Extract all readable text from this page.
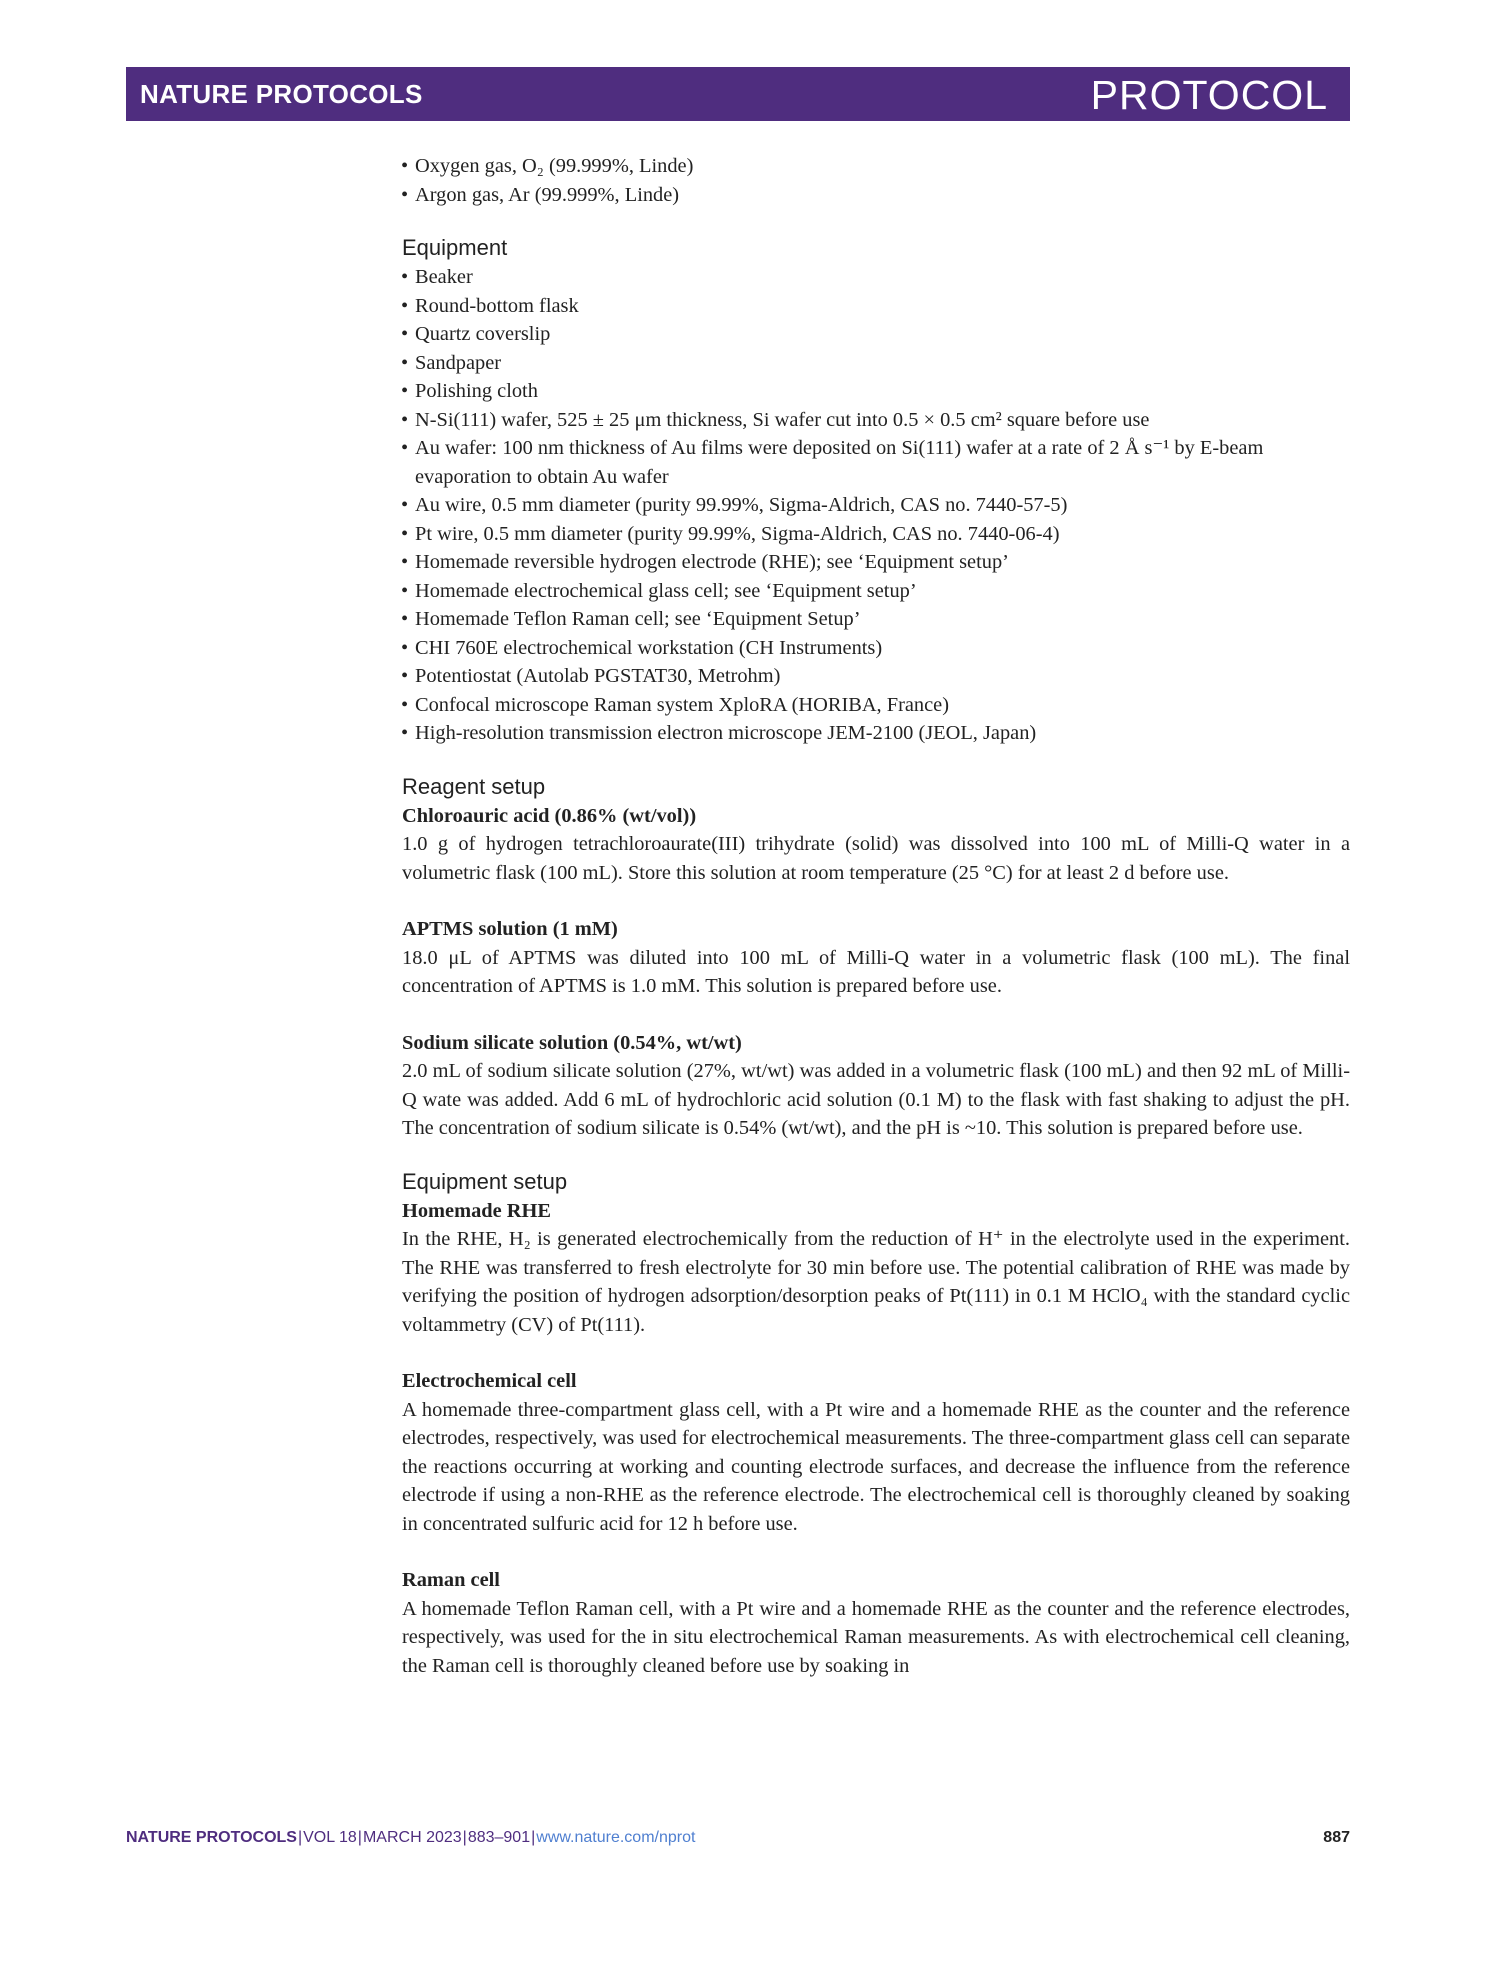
NATURE PROTOCOLS	PROTOCOL
• Oxygen gas, O₂ (99.999%, Linde)
• Argon gas, Ar (99.999%, Linde)
Equipment
• Beaker
• Round-bottom flask
• Quartz coverslip
• Sandpaper
• Polishing cloth
• N-Si(111) wafer, 525 ± 25 μm thickness, Si wafer cut into 0.5 × 0.5 cm² square before use
• Au wafer: 100 nm thickness of Au films were deposited on Si(111) wafer at a rate of 2 Å s⁻¹ by E-beam evaporation to obtain Au wafer
• Au wire, 0.5 mm diameter (purity 99.99%, Sigma-Aldrich, CAS no. 7440-57-5)
• Pt wire, 0.5 mm diameter (purity 99.99%, Sigma-Aldrich, CAS no. 7440-06-4)
• Homemade reversible hydrogen electrode (RHE); see ‘Equipment setup’
• Homemade electrochemical glass cell; see ‘Equipment setup’
• Homemade Teflon Raman cell; see ‘Equipment Setup’
• CHI 760E electrochemical workstation (CH Instruments)
• Potentiostat (Autolab PGSTAT30, Metrohm)
• Confocal microscope Raman system XploRA (HORIBA, France)
• High-resolution transmission electron microscope JEM-2100 (JEOL, Japan)
Reagent setup
Chloroauric acid (0.86% (wt/vol))

1.0 g of hydrogen tetrachloroaurate(III) trihydrate (solid) was dissolved into 100 mL of Milli-Q water in a volumetric flask (100 mL). Store this solution at room temperature (25 °C) for at least 2 d before use.

APTMS solution (1 mM)

18.0 μL of APTMS was diluted into 100 mL of Milli-Q water in a volumetric flask (100 mL). The final concentration of APTMS is 1.0 mM. This solution is prepared before use.

Sodium silicate solution (0.54%, wt/wt)

2.0 mL of sodium silicate solution (27%, wt/wt) was added in a volumetric flask (100 mL) and then 92 mL of Milli-Q wate was added. Add 6 mL of hydrochloric acid solution (0.1 M) to the flask with fast shaking to adjust the pH. The concentration of sodium silicate is 0.54% (wt/wt), and the pH is ~10. This solution is prepared before use.

Equipment setup
Homemade RHE

In the RHE, H₂ is generated electrochemically from the reduction of H⁺ in the electrolyte used in the experiment. The RHE was transferred to fresh electrolyte for 30 min before use. The potential calibration of RHE was made by verifying the position of hydrogen adsorption/desorption peaks of Pt(111) in 0.1 M HClO₄ with the standard cyclic voltammetry (CV) of Pt(111).

Electrochemical cell

A homemade three-compartment glass cell, with a Pt wire and a homemade RHE as the counter and the reference electrodes, respectively, was used for electrochemical measurements. The three-compartment glass cell can separate the reactions occurring at working and counting electrode surfaces, and decrease the influence from the reference electrode if using a non-RHE as the reference electrode. The electrochemical cell is thoroughly cleaned by soaking in concentrated sulfuric acid for 12 h before use.

Raman cell

A homemade Teflon Raman cell, with a Pt wire and a homemade RHE as the counter and the reference electrodes, respectively, was used for the in situ electrochemical Raman measurements. As with electrochemical cell cleaning, the Raman cell is thoroughly cleaned before use by soaking in

NATURE PROTOCOLS|VOL 18|MARCH 2023|883–901|www.nature.com/nprot	887
